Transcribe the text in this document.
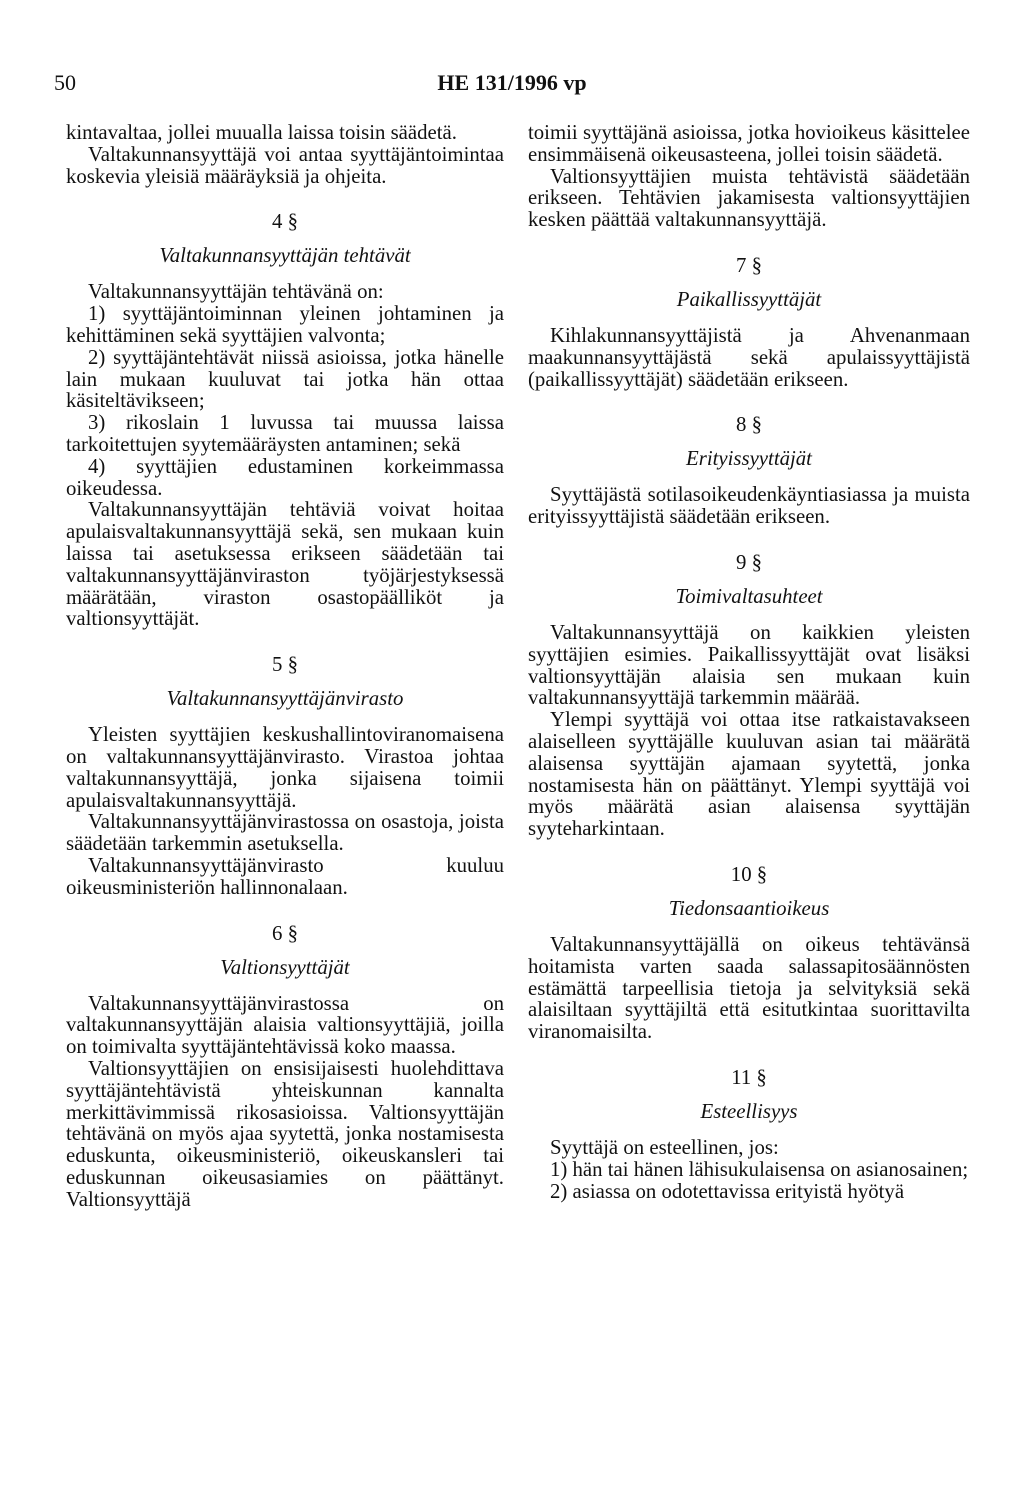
50	HE 131/1996 vp

kintavaltaa, jollei muualla laissa toisin säädetä.

Valtakunnansyyttäjä voi antaa syyttäjäntoimintaa koskevia yleisiä määräyksiä ja ohjeita.

4 §
Valtakunnansyyttäjän tehtävät

Valtakunnansyyttäjän tehtävänä on:

1) syyttäjäntoiminnan yleinen johtaminen ja kehittäminen sekä syyttäjien valvonta;

2) syyttäjäntehtävät niissä asioissa, jotka hänelle lain mukaan kuuluvat tai jotka hän ottaa käsiteltävikseen;

3) rikoslain 1 luvussa tai muussa laissa tarkoitettujen syytemääräysten antaminen; sekä

4) syyttäjien edustaminen korkeimmassa oikeudessa.

Valtakunnansyyttäjän tehtäviä voivat hoitaa apulaisvaltakunnansyyttäjä sekä, sen mukaan kuin laissa tai asetuksessa erikseen säädetään tai valtakunnansyyttäjänviraston työjärjestyksessä määrätään, viraston osastopäälliköt ja valtionsyyttäjät.

5 §
Valtakunnansyyttäjänvirasto

Yleisten syyttäjien keskushallintoviranomaisena on valtakunnansyyttäjänvirasto. Virastoa johtaa valtakunnansyyttäjä, jonka sijaisena toimii apulaisvaltakunnansyyttäjä.

Valtakunnansyyttäjänvirastossa on osastoja, joista säädetään tarkemmin asetuksella.

Valtakunnansyyttäjänvirasto kuuluu oikeusministeriön hallinnonalaan.

6 §
Valtionsyyttäjät

Valtakunnansyyttäjänvirastossa on valtakunnansyyttäjän alaisia valtionsyyttäjiä, joilla on toimivalta syyttäjäntehtävissä koko maassa.

Valtionsyyttäjien on ensisijaisesti huolehdittava syyttäjäntehtävistä yhteiskunnan kannalta merkittävimmissä rikosasioissa. Valtionsyyttäjän tehtävänä on myös ajaa syytettä, jonka nostamisesta eduskunta, oikeusministeriö, oikeuskansleri tai eduskunnan oikeusasiamies on päättänyt. Valtionsyyttäjä

toimii syyttäjänä asioissa, jotka hovioikeus käsittelee ensimmäisenä oikeusasteena, jollei toisin säädetä.

Valtionsyyttäjien muista tehtävistä säädetään erikseen. Tehtävien jakamisesta valtionsyyttäjien kesken päättää valtakunnansyyttäjä.

7 §
Paikallissyyttäjät

Kihlakunnansyyttäjistä ja Ahvenanmaan maakunnansyyttäjästä sekä apulaissyyttäjistä (paikallissyyttäjät) säädetään erikseen.

8 §
Erityissyyttäjät

Syyttäjästä sotilasoikeudenkäyntiasiassa ja muista erityissyyttäjistä säädetään erikseen.

9 §
Toimivaltasuhteet

Valtakunnansyyttäjä on kaikkien yleisten syyttäjien esimies. Paikallissyyttäjät ovat lisäksi valtionsyyttäjän alaisia sen mukaan kuin valtakunnansyyttäjä tarkemmin määrää.

Ylempi syyttäjä voi ottaa itse ratkaistavakseen alaiselleen syyttäjälle kuuluvan asian tai määrätä alaisensa syyttäjän ajamaan syytettä, jonka nostamisesta hän on päättänyt. Ylempi syyttäjä voi myös määrätä asian alaisensa syyttäjän syyteharkintaan.

10 §
Tiedonsaantioikeus

Valtakunnansyyttäjällä on oikeus tehtävänsä hoitamista varten saada salassapitosäännösten estämättä tarpeellisia tietoja ja selvityksiä sekä alaisiltaan syyttäjiltä että esitutkintaa suorittavilta viranomaisilta.

11 §
Esteellisyys

Syyttäjä on esteellinen, jos:

1) hän tai hänen lähisukulaisensa on asianosainen;

2) asiassa on odotettavissa erityistä hyötyä
